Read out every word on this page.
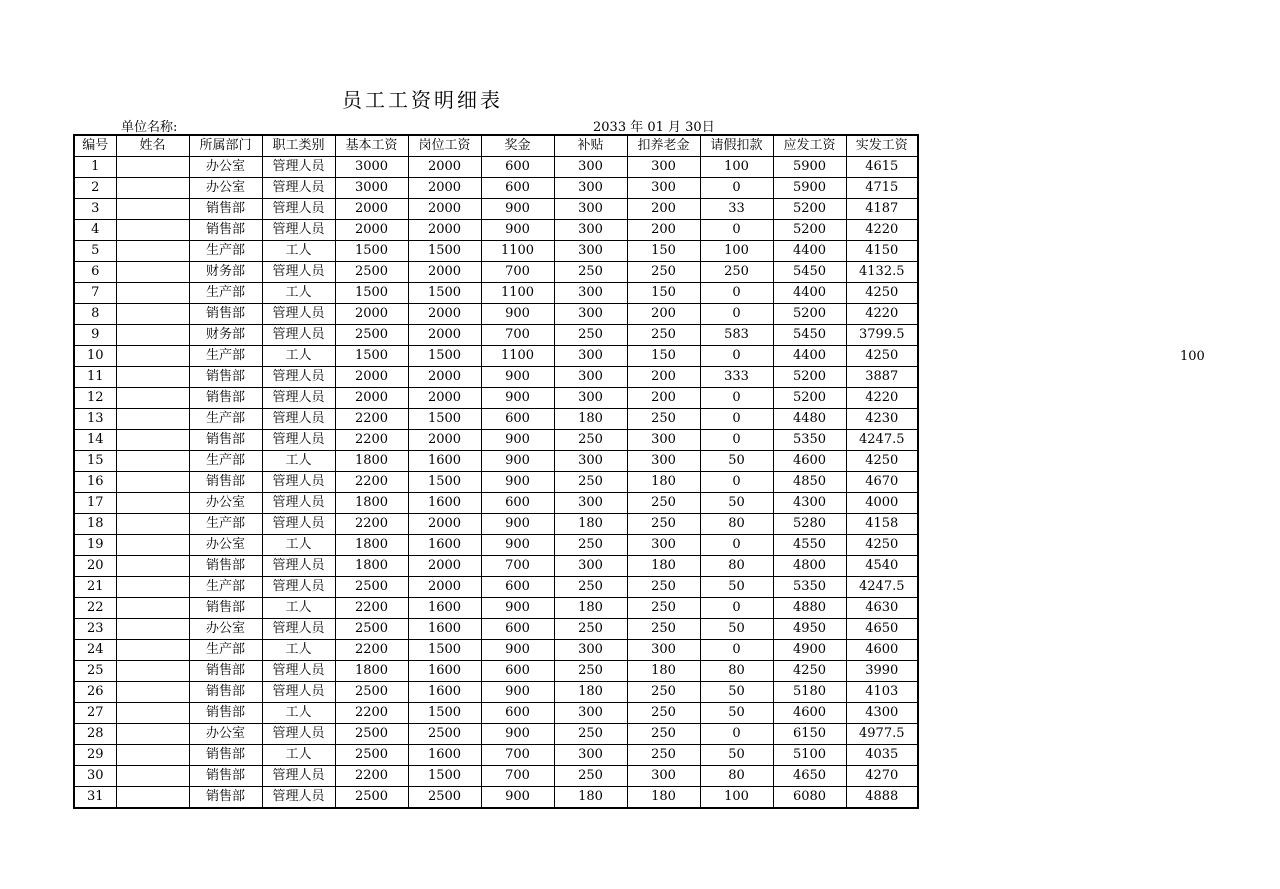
员工工资明细表
单位名称:	2033 年 01 月 30日
100
编号	姓名	所属部门	职工类别	基本工资	岗位工资	奖金	补贴	扣养老金	请假扣款	应发工资	实发工资
1		办公室	管理人员	3000	2000	600	300	300	100	5900	4615
2		办公室	管理人员	3000	2000	600	300	300	0	5900	4715
3		销售部	管理人员	2000	2000	900	300	200	33	5200	4187
4		销售部	管理人员	2000	2000	900	300	200	0	5200	4220
5		生产部	工人	1500	1500	1100	300	150	100	4400	4150
6		财务部	管理人员	2500	2000	700	250	250	250	5450	4132.5
7		生产部	工人	1500	1500	1100	300	150	0	4400	4250
8		销售部	管理人员	2000	2000	900	300	200	0	5200	4220
9		财务部	管理人员	2500	2000	700	250	250	583	5450	3799.5
10		生产部	工人	1500	1500	1100	300	150	0	4400	4250
11		销售部	管理人员	2000	2000	900	300	200	333	5200	3887
12		销售部	管理人员	2000	2000	900	300	200	0	5200	4220
13		生产部	管理人员	2200	1500	600	180	250	0	4480	4230
14		销售部	管理人员	2200	2000	900	250	300	0	5350	4247.5
15		生产部	工人	1800	1600	900	300	300	50	4600	4250
16		销售部	管理人员	2200	1500	900	250	180	0	4850	4670
17		办公室	管理人员	1800	1600	600	300	250	50	4300	4000
18		生产部	管理人员	2200	2000	900	180	250	80	5280	4158
19		办公室	工人	1800	1600	900	250	300	0	4550	4250
20		销售部	管理人员	1800	2000	700	300	180	80	4800	4540
21		生产部	管理人员	2500	2000	600	250	250	50	5350	4247.5
22		销售部	工人	2200	1600	900	180	250	0	4880	4630
23		办公室	管理人员	2500	1600	600	250	250	50	4950	4650
24		生产部	工人	2200	1500	900	300	300	0	4900	4600
25		销售部	管理人员	1800	1600	600	250	180	80	4250	3990
26		销售部	管理人员	2500	1600	900	180	250	50	5180	4103
27		销售部	工人	2200	1500	600	300	250	50	4600	4300
28		办公室	管理人员	2500	2500	900	250	250	0	6150	4977.5
29		销售部	工人	2500	1600	700	300	250	50	5100	4035
30		销售部	管理人员	2200	1500	700	250	300	80	4650	4270
31		销售部	管理人员	2500	2500	900	180	180	100	6080	4888
